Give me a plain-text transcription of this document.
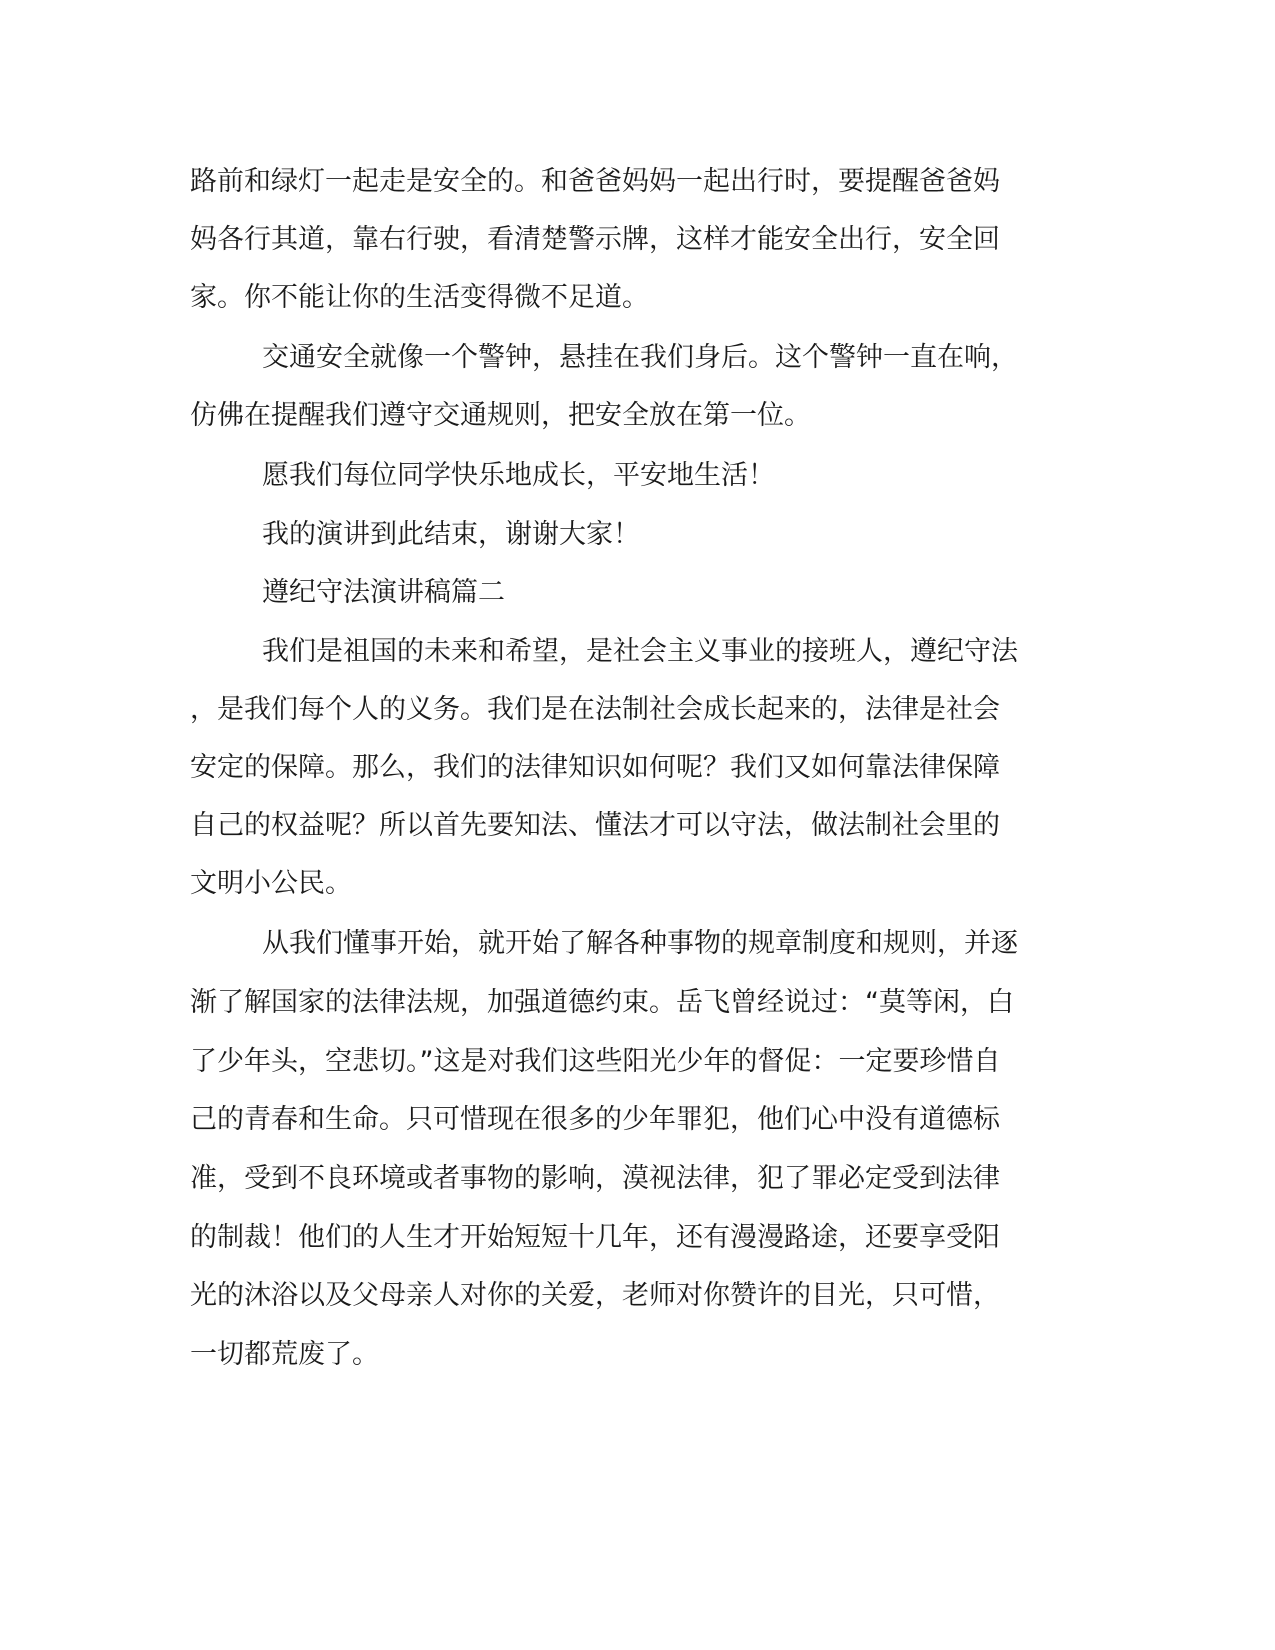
路前和绿灯一起走是安全的。和爸爸妈妈一起出行时，要提醒爸爸妈
妈各行其道，靠右行驶，看清楚警示牌，这样才能安全出行，安全回
家。你不能让你的生活变得微不足道。
交通安全就像一个警钟，悬挂在我们身后。这个警钟一直在响，
仿佛在提醒我们遵守交通规则，把安全放在第一位。
愿我们每位同学快乐地成长，平安地生活！
我的演讲到此结束，谢谢大家！
遵纪守法演讲稿篇二
我们是祖国的未来和希望，是社会主义事业的接班人，遵纪守法
，是我们每个人的义务。我们是在法制社会成长起来的，法律是社会
安定的保障。那么，我们的法律知识如何呢？我们又如何靠法律保障
自己的权益呢？所以首先要知法、懂法才可以守法，做法制社会里的
文明小公民。
从我们懂事开始，就开始了解各种事物的规章制度和规则，并逐
渐了解国家的法律法规，加强道德约束。岳飞曾经说过：“莫等闲，白
了少年头，空悲切。”这是对我们这些阳光少年的督促：一定要珍惜自
己的青春和生命。只可惜现在很多的少年罪犯，他们心中没有道德标
准，受到不良环境或者事物的影响，漠视法律，犯了罪必定受到法律
的制裁！他们的人生才开始短短十几年，还有漫漫路途，还要享受阳
光的沐浴以及父母亲人对你的关爱，老师对你赞许的目光，只可惜，
一切都荒废了。
